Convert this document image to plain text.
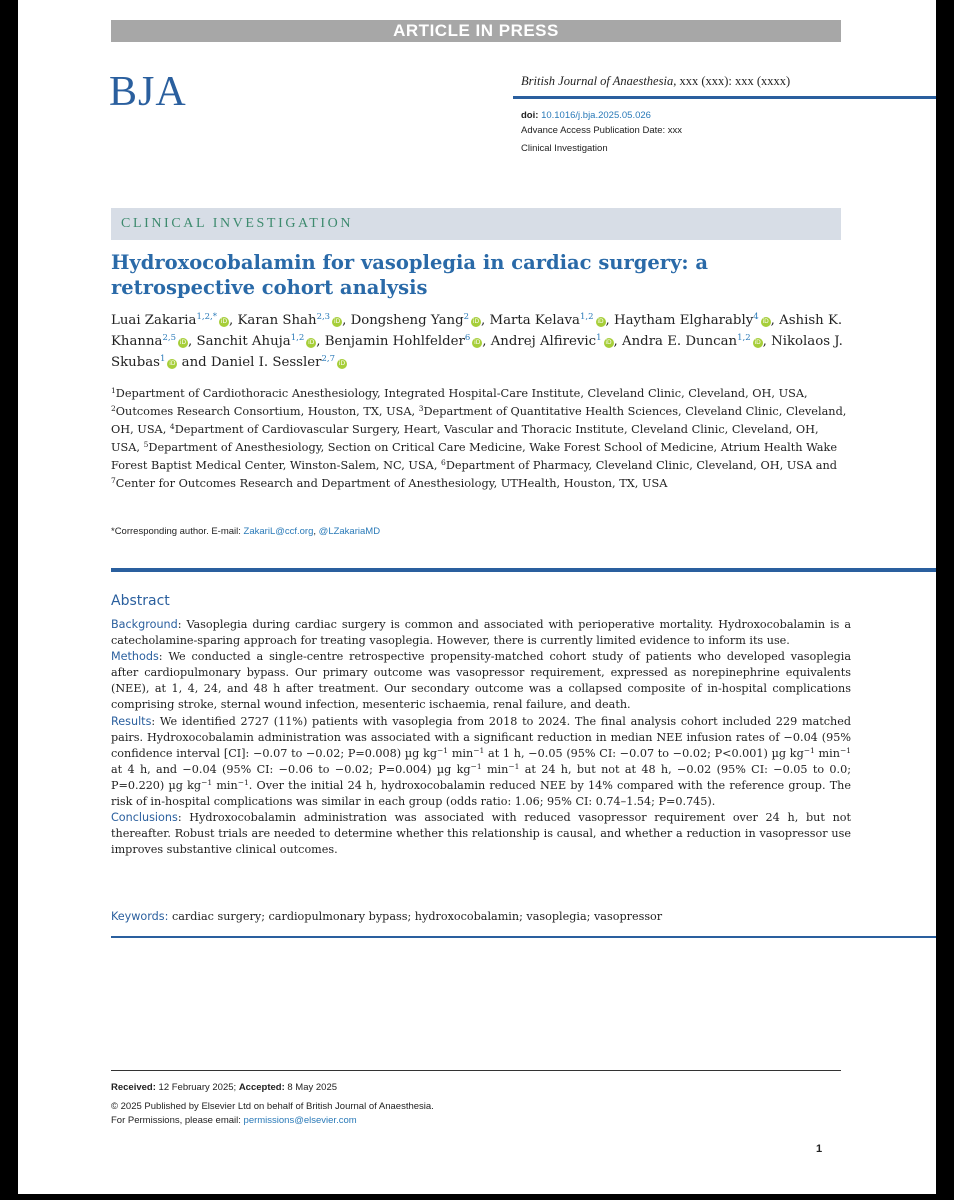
ARTICLE IN PRESS
BJA	British Journal of Anaesthesia, xxx (xxx): xxx (xxxx)
doi: 10.1016/j.bja.2025.05.026
Advance Access Publication Date: xxx
Clinical Investigation
CLINICAL INVESTIGATION
Hydroxocobalamin for vasoplegia in cardiac surgery: a retrospective cohort analysis
Luai Zakaria$^{1,2,*}$ iD , Karan Shah$^{2,3}$ iD , Dongsheng Yang$^2$ iD , Marta Kelava$^{1,2}$ iD , Haytham Elgharably$^4$ iD , Ashish K. Khanna$^{2,5}$ iD , Sanchit Ahuja$^{1,2}$ iD , Benjamin Hohlfelder$^6$ iD , Andrej Alfirevic$^1$ iD , Andra E. Duncan$^{1,2}$ iD , Nikolaos J. Skubas$^1$ iD and Daniel I. Sessler$^{2,7}$ iD
$^1$Department of Cardiothoracic Anesthesiology, Integrated Hospital-Care Institute, Cleveland Clinic, Cleveland, OH, USA, $^2$Outcomes Research Consortium, Houston, TX, USA, $^3$Department of Quantitative Health Sciences, Cleveland Clinic, Cleveland, OH, USA, $^4$Department of Cardiovascular Surgery, Heart, Vascular and Thoracic Institute, Cleveland Clinic, Cleveland, OH, USA, $^5$Department of Anesthesiology, Section on Critical Care Medicine, Wake Forest School of Medicine, Atrium Health Wake Forest Baptist Medical Center, Winston-Salem, NC, USA, $^6$Department of Pharmacy, Cleveland Clinic, Cleveland, OH, USA and $^7$Center for Outcomes Research and Department of Anesthesiology, UTHealth, Houston, TX, USA
*Corresponding author. E-mail: ZakariL@ccf.org, @LZakariaMD
Abstract

Background: Vasoplegia during cardiac surgery is common and associated with perioperative mortality. Hydroxocobalamin is a catecholamine-sparing approach for treating vasoplegia. However, there is currently limited evidence to inform its use.

Methods: We conducted a single-centre retrospective propensity-matched cohort study of patients who developed vasoplegia after cardiopulmonary bypass. Our primary outcome was vasopressor requirement, expressed as norepinephrine equivalents (NEE), at 1, 4, 24, and 48 h after treatment. Our secondary outcome was a collapsed composite of in-hospital complications comprising stroke, sternal wound infection, mesenteric ischaemia, renal failure, and death.

Results: We identified 2727 (11%) patients with vasoplegia from 2018 to 2024. The final analysis cohort included 229 matched pairs. Hydroxocobalamin administration was associated with a significant reduction in median NEE infusion rates of −0.04 (95% confidence interval [CI]: −0.07 to −0.02; P=0.008) µg $kg^{-1}$ $\min^{-1}$ at 1 h, −0.05 (95% CI: −0.07 to −0.02; P<0.001) µg $kg^{-1}$ $\min^{-1}$ at 4 h, and −0.04 (95% CI: −0.06 to −0.02; P=0.004) µg $kg^{-1}$ $\min^{-1}$ at 24 h, but not at 48 h, −0.02 (95% CI: −0.05 to 0.0; P=0.220) µg $kg^{-1}$ $\min^{-1}$. Over the initial 24 h, hydroxocobalamin reduced NEE by 14% compared with the reference group. The risk of in-hospital complications was similar in each group (odds ratio: 1.06; 95% CI: 0.74–1.54; P=0.745).

Conclusions: Hydroxocobalamin administration was associated with reduced vasopressor requirement over 24 h, but not thereafter. Robust trials are needed to determine whether this relationship is causal, and whether a reduction in vasopressor use improves substantive clinical outcomes.

Keywords: cardiac surgery; cardiopulmonary bypass; hydroxocobalamin; vasoplegia; vasopressor
Received: 12 February 2025; Accepted: 8 May 2025
© 2025 Published by Elsevier Ltd on behalf of British Journal of Anaesthesia.
For Permissions, please email: permissions@elsevier.com
1
